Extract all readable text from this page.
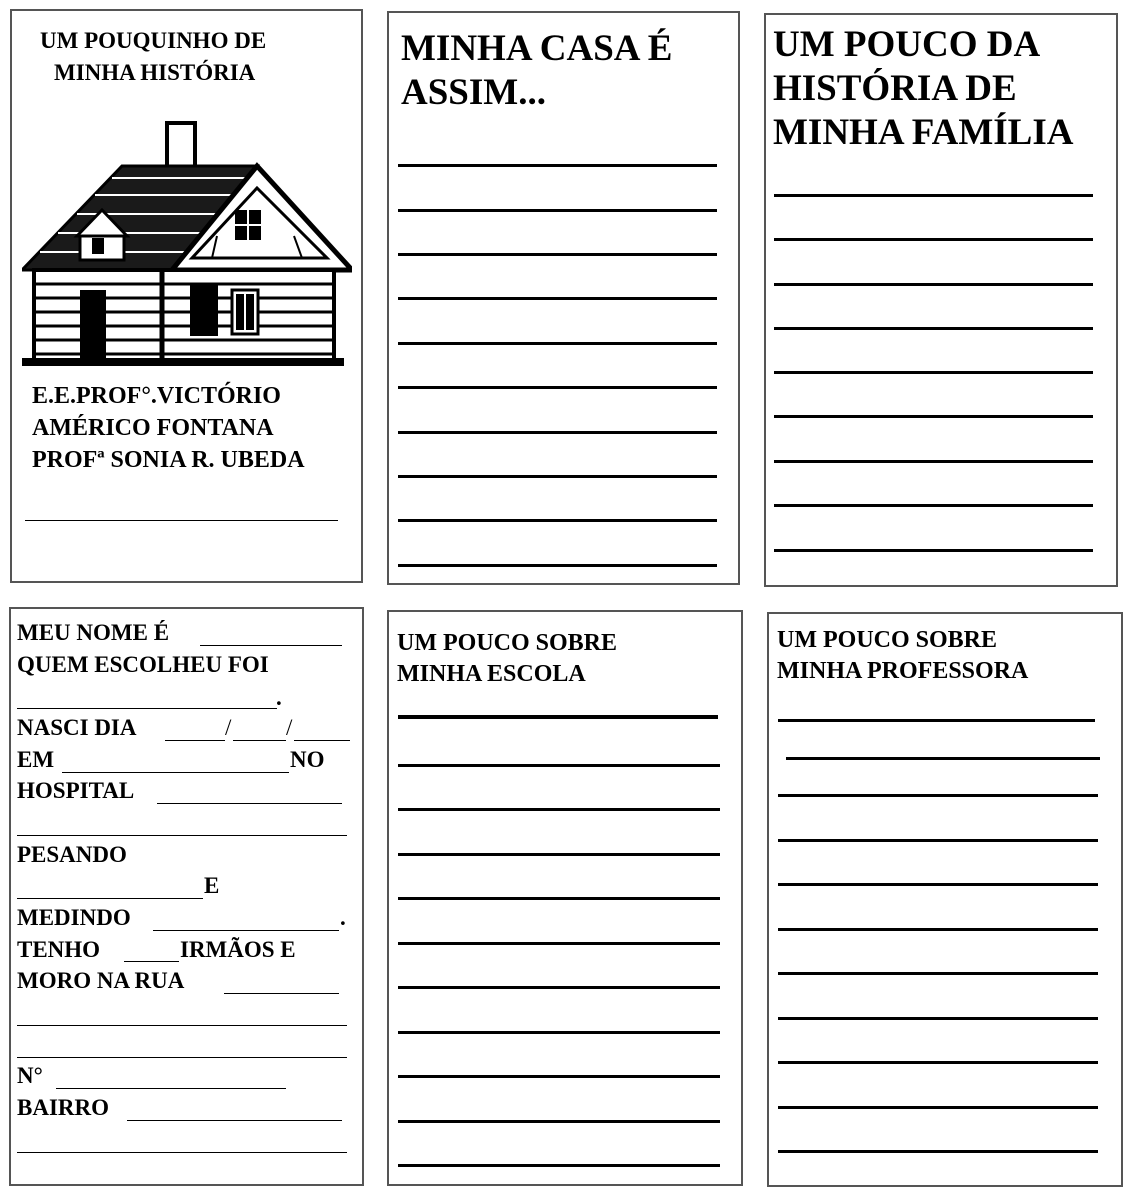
UM POUQUINHO DE
MINHA HISTÓRIA
E.E.PROF°.VICTÓRIO
AMÉRICO FONTANA
PROFª SONIA R. UBEDA
MINHA CASA É
ASSIM...
UM POUCO DA
HISTÓRIA DE
MINHA FAMÍLIA
MEU NOME É
QUEM ESCOLHEU FOI
.
NASCI DIA	/ /
EM	NO
HOSPITAL
PESANDO
E
MEDINDO	.
TENHO	IRMÃOS E
MORO NA RUA
N°
BAIRRO
UM POUCO SOBRE
MINHA ESCOLA
UM POUCO SOBRE
MINHA PROFESSORA
